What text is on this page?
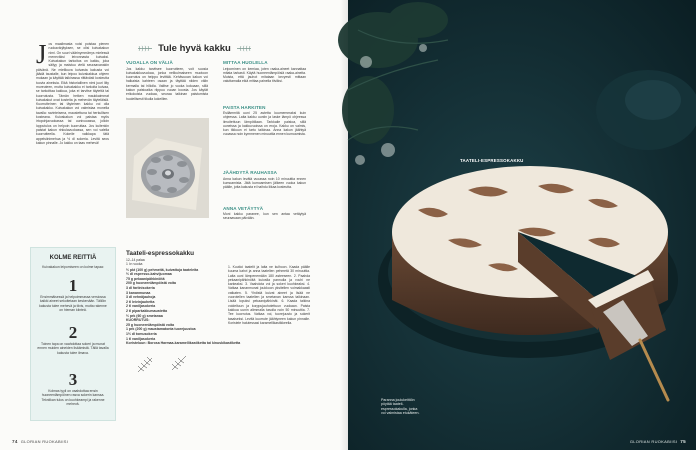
J os maailmasta voisi poistaa pienen ruokavärjäyksen, se olisi kuivakakun nimi. On suuri väärinymmärrys mielessä meneväksi leivonnasta kuivaksi. Kuivakakun tarkoitus on kakku, joka säilyy ja maistuu vielä seuraavanakin päivänä. Ne mielikuva kuivasta kakusta voi jäädä taustalle, kun leipoo kuivakakkua ohjeen mukaan ja käyttää taikinassa riittävästi kosteutta tuovia aineksia. Eikä historiallinen nimi juuri liity mureuteen, mutta kuivakakku ei tarkoita kuivaa, se tarkoittaa kakkua, joka ei tarvitse täytettä tai kuorrutusta. Tämän hetken maukkaimmat kuivakakut ovat kosteita ja mehevän täyteläisiä. Kuorrutteinen tai täyteinen kakku voi olla kuivakakku. Kuivakakun voi valmistaa monella tavalla: ravinteisena, maustettuna tai herkullisen kosteana. Kuivakakun voi paistaa myös irtopohjavuokassa tai uunivuoassa, jolloin lopputulos on helpoin kuorruttaa. Jos kuitenkin paistat kakun rinkulavuokassa, sen voi valella kuorrutteella. Kokeile vaikkapa tätä appelsiinimehua ja ½ dl sokeria. Levitä seos kakun pinnalle. Jo kakku on taas mehevä!
Tule hyvä kakku
VUOALLA ON VÄLIÄ
Jos kakku tarvitsee kuorrutteen, voit suosia kuivakakkuvuokaa, jonka nelikulmaiseen muotoon kuorrutus on helppo levittää. Kehävuoan kakun voi halkaista kahteen osaan ja täyttää niiden välin kermalla tai hillolla. Valitse jo vuoka kokoaan, sillä kakun paistoaika riippuu vuoan koosta. Jos käytät erikokoista vuokaa, seuraa taikinan paistumista huolellisesti tikulla kokeillen.
MITTAA HUOLELLA
Leipominen on kemiaa, joten raaka-aineet kannattaa mitata tarkasti. Käytä huoneenlämpöisiä raaka-aineita. Muista, että jauhot mitataan kevyesti mittaan valuttamalla eikä mittaa painella tiiviiksi.
PAISTA HARKITEN
Esilämmitä uuni 25 astetta kuumemmaksi kuin ohjeessa. Laita kakku uuniin ja laske lämpö ohjeessa ilmoitettuun lämpötilaan. Tarkkaile paistoa, sillä uuneissa ja kakkuvuoissa on eroja. Kakku on valmis, kun tikkuun ei tartu taikinaa. Anna kakun jäähtyä vuoassa noin kymmenen minuuttia ennen kumoamista.
JÄÄHDYTÄ RAUHASSA
Anna kakun levätä vuoassa noin 10 minuuttia ennen kumoamista. Jätä kumoamisen jälkeen vuoka kakun päälle, jotta kakusta ei haihdu liikaa kosteutta.
ANNA VETÄYTYÄ
Moni kakku paranee, kun sen antaa vetäytyä seuraavaan päivään.
KOLME REITTIÄ
Kuivakakun leipomiseen on kolme tapaa:
1
Ensimmäisessä ja helpoimmassa versiossa kaikki aineet sekoitetaan keskenään. Tällöin kakusta tulee mehevä ja tiivis, mutta rakenne on hieman kiinteä.
2
Toinen tapa on vaahdottaa sokeri ja munat ennen muiden aineiden lisäämistä. Tällä tavalla kakusta tulee ilmava.
3
Kolmas tyyli on vaahdottaa ensin huoneenlämpöinen rasva sokerin kanssa. Tekniikan tulos on kuohkeampi ja rakenne mehevä.
Taateli-espressokakku
12–14 palaa
1 l:n vuoka
½ pkt (100 g) pehmeitä, kuivattuja taateleita
½ dl espresso-kahvijuomaa
75 g pekaanipähkinöitä
200 g huoneenlämpöistä voita
3 dl fariinisokeria
3 kananmunaa
3 dl vehnäjauhoja
2 tl leivinjauhetta
2 tl vaniljasokeria
2 tl piparkakkumaustetta
½ prk (60 g) smetanaa
KUORRUTUS:
25 g huoneenlämpöistä voita
1 prk (200 g) maustamatonta tuorejuustoa
1½ dl tomusokeria
1 tl vaniljasokeria
Koristeluun: Borosa Harmaa-karamellikastiketta tai kinuskikastiketta
1. Kuutioi taatelit ja laita ne kulhoon. Kaada päälle kuuma kahvi ja anna taatelien pehmetä 30 minuuttia. Laita uuni lämpenemään 180 asteeseen. 2. Paahda pekaanipähkinöitä kuivalla pannulla ja rouhi ne karkeaksi. 3. Vaahdota voi ja sokeri kuohkeaksi. 4. Vatkaa kananmunat joukkoon yksitellen voimakkaasti vatkaten. 5. Yhdistä kuivat aineet ja lisää ne vuorotellen taatelien ja smetanan kanssa taikinaan. Lisää lopuksi pekaanipähkinät. 6. Kaada taikina voideltuun ja korppujauhotettuun vuokaan. Paista kakkua uunin alimmalla tasolla noin 50 minuuttia. 7. Tee kuorrutus. Vatkaa voi, tuorejuusto ja sokerit tasaiseksi. Levitä kuorrute jäähtyneen kakun pinnalle. Koristele halutessasi karamellikastikkeella.
74 GLORIAN RUOKABIISI
TAATELI-ESPRESSOKAKKU
Paranna joulukeittiön pöytää taateli-espressokakulla, jonka voi valmistaa etukäteen.
GLORIAN RUOKABIISI 75
